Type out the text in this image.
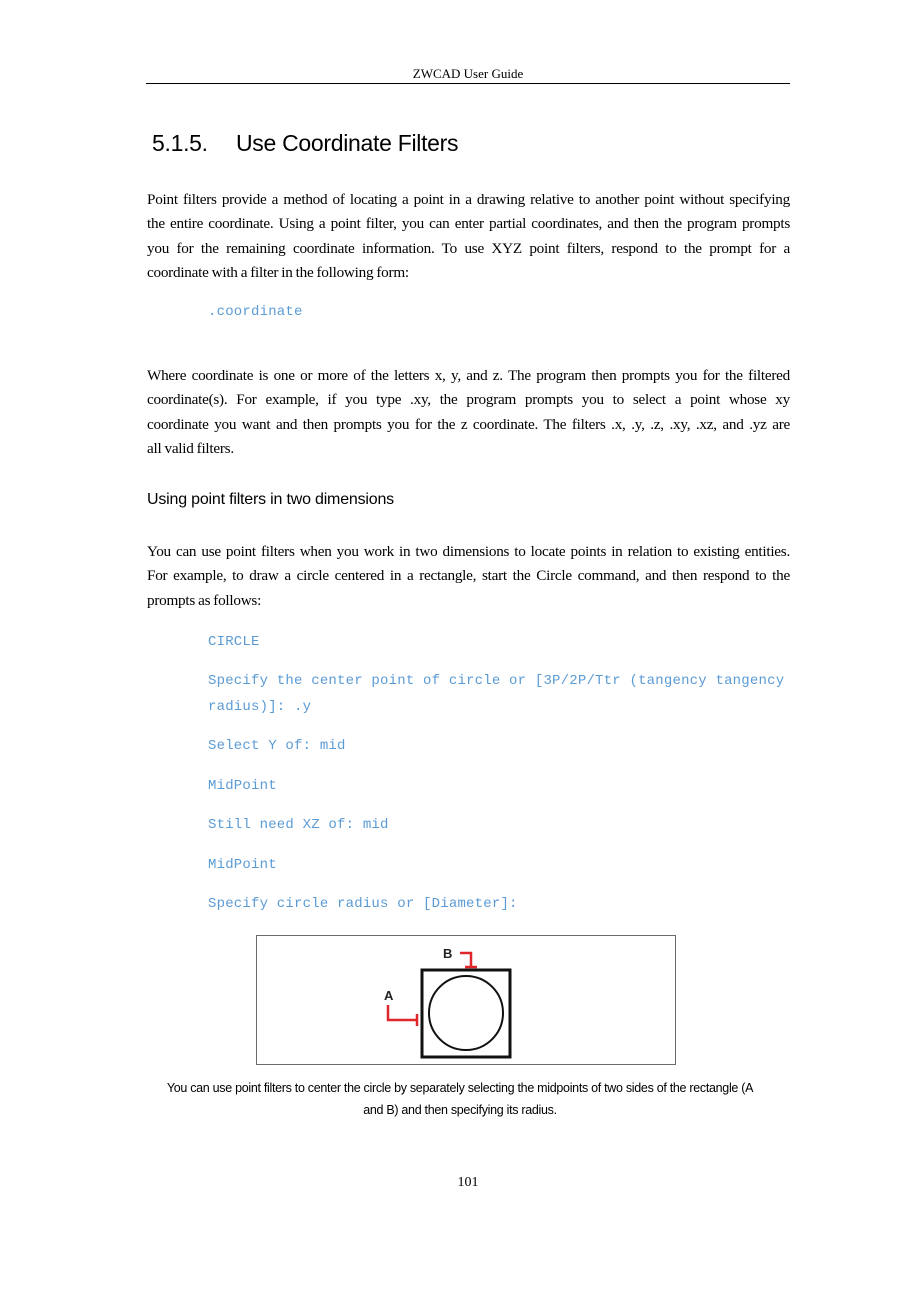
ZWCAD User Guide
5.1.5. Use Coordinate Filters
Point filters provide a method of locating a point in a drawing relative to another point without specifying
the entire coordinate. Using a point filter, you can enter partial coordinates, and then the program prompts
you for the remaining coordinate information. To use XYZ point filters, respond to the prompt for a
coordinate with a filter in the following form:
.coordinate
Where coordinate is one or more of the letters x, y, and z. The program then prompts you for the filtered
coordinate(s). For example, if you type .xy, the program prompts you to select a point whose xy
coordinate you want and then prompts you for the z coordinate. The filters .x, .y, .z, .xy, .xz, and .yz are
all valid filters.
Using point filters in two dimensions
You can use point filters when you work in two dimensions to locate points in relation to existing entities.
For example, to draw a circle centered in a rectangle, start the Circle command, and then respond to the
prompts as follows:
CIRCLE
Specify the center point of circle or [3P/2P/Ttr (tangency tangency
radius)]: .y
Select Y of: mid
MidPoint
Still need XZ of: mid
MidPoint
Specify circle radius or [Diameter]:
A
B
You can use point filters to center the circle by separately selecting the midpoints of two sides of the rectangle (A
and B) and then specifying its radius.
101
